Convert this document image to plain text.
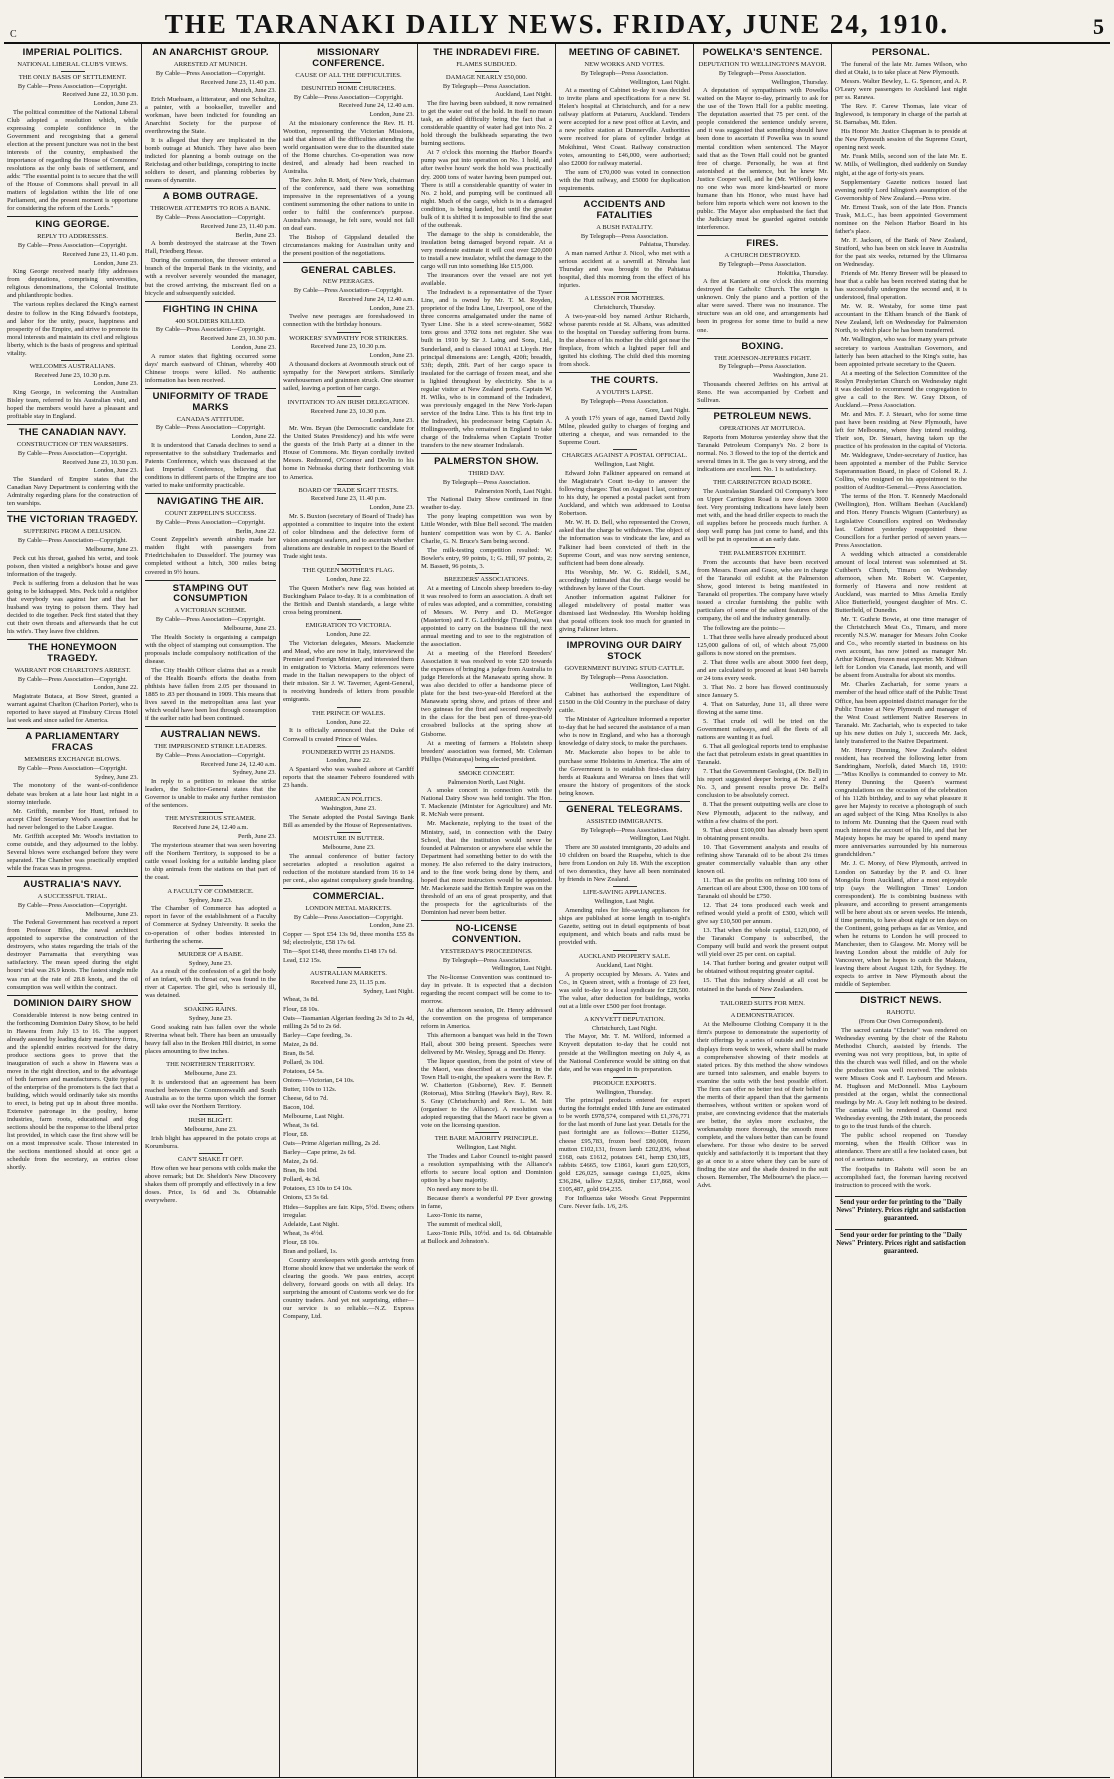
C	THE TARANAKI DAILY NEWS. FRIDAY, JUNE 24, 1910.	5
IMPERIAL POLITICS.
NATIONAL LIBERAL CLUB'S VIEWS.
THE ONLY BASIS OF SETTLEMENT.
By Cable—Press Association—Copyright.
Received June 22, 10.30 p.m.
London, June 23.
The political committee of the National Liberal Club adopted a resolution which, while expressing complete confidence in the Government and recognising that a general election at the present juncture was not in the best interests of the country, emphasised the importance of regarding the House of Commons' resolutions as the only basis of settlement, and adds: "The essential point is to secure that the will of the House of Commons shall prevail in all matters of legislation within the life of one Parliament, and the present moment is opportune for considering the reform of the Lords."
KING GEORGE.
REPLY TO ADDRESSES.
By Cable—Press Association—Copyright.
Received June 23, 11.40 p.m.
London, June 23.
King George received nearly fifty addresses from deputations, comprising universities, religious denominations, the Colonial Institute and philanthropic bodies.
The various replies declared the King's earnest desire to follow in the King Edward's footsteps, and labor for the unity, peace, happiness and prosperity of the Empire, and strive to promote its moral interests and maintain its civil and religious liberty, which is the basis of progress and spiritual vitality.
WELCOMES AUSTRALIANS.
Received June 23, 10.30 p.m.
London, June 23.
King George, in welcoming the Australian Bisley team, referred to his Australian visit, and hoped the members would have a pleasant and profitable stay in England.
THE CANADIAN NAVY.
CONSTRUCTION OF TEN WARSHIPS.
By Cable—Press Association—Copyright.
Received June 23, 10.30 p.m.
London, June 23.
The Standard of Empire states that the Canadian Navy Department is conferring with the Admiralty regarding plans for the construction of ten warships.
THE VICTORIAN TRAGEDY.
SUFFERING FROM A DELUSION.
By Cable—Press Association—Copyright.
Melbourne, June 23.
Peck cut his throat, gashed his wrist, and took poison, then visited a neighbor's house and gave information of the tragedy.
Peck is suffering from a delusion that he was going to be kidnapped. Mrs. Peck told a neighbor that everybody was against her and that her husband was trying to poison them. They had decided to die together. Peck first stated that they cut their own throats and afterwards that he cut his wife's. They leave five children.
THE HONEYMOON TRAGEDY.
WARRANT FOR CHARLTON'S ARREST.
By Cable—Press Association—Copyright.
London, June 22.
Magistrate Butaca, at Bow Street, granted a warrant against Charlton (Charlton Porter), who is reported to have stayed at Finsbury Circus Hotel last week and since sailed for America.
A PARLIAMENTARY FRACAS
MEMBERS EXCHANGE BLOWS.
By Cable—Press Association—Copyright.
Sydney, June 23.
The monotony of the want-of-confidence debate was broken at a late hour last night in a stormy interlude.
Mr. Griffith, member for Hunt, refused to accept Chief Secretary Wood's assertion that he had never belonged to the Labor League.
Mr. Griffith accepted Mr. Wood's invitation to come outside, and they adjourned to the lobby. Several blows were exchanged before they were separated. The Chamber was practically emptied while the fracas was in progress.
AUSTRALIA'S NAVY.
A SUCCESSFUL TRIAL.
By Cable—Press Association—Copyright.
Melbourne, June 23.
The Federal Government has received a report from Professor Biles, the naval architect appointed to supervise the construction of the destroyers, who states regarding the trials of the destroyer Parramatta that everything was satisfactory. The mean speed during the eight hours' trial was 26.9 knots. The fastest single mile was run at the rate of 28.8 knots, and the oil consumption was well within the contract.
DOMINION DAIRY SHOW
Considerable interest is now being centred in the forthcoming Dominion Dairy Show, to be held in Hawera from July 13 to 16. The support already assured by leading dairy machinery firms, and the splendid entries received for the dairy produce sections goes to prove that the inauguration of such a show in Hawera was a move in the right direction, and to the advantage of both farmers and manufacturers. Quite typical of the enterprise of the promoters is the fact that a building, which would ordinarily take six months to erect, is being put up in about three months. Extensive patronage in the poultry, home industries, farm roots, educational and dog sections should be the response to the liberal prize list provided, in which case the first show will be on a most impressive scale. Those interested in the sections mentioned should at once get a schedule from the secretary, as entries close shortly.
AN ANARCHIST GROUP.
ARRESTED AT MUNICH.
By Cable—Press Association—Copyright.
Received June 23, 11.40 p.m.
Munich, June 23.
Erich Muehsam, a litterateur, and one Schultze, a painter, with a bookseller, traveller and workman, have been indicted for founding an Anarchist Society for the purpose of overthrowing the State.
It is alleged that they are implicated in the bomb outrage at Munich. They have also been indicted for planning a bomb outrage on the Reichstag and other buildings, conspiring to incite soldiers to desert, and planning robberies by means of dynamite.
A BOMB OUTRAGE.
THROWER ATTEMPTS TO ROB A BANK.
By Cable—Press Association—Copyright.
Received June 23, 11.40 p.m.
Berlin, June 23.
A bomb destroyed the staircase at the Town Hall, Friedberg Hesse.
During the commotion, the thrower entered a branch of the Imperial Bank in the vicinity, and with a revolver severely wounded the manager, but the crowd arriving, the miscreant fled on a bicycle and subsequently suicided.
FIGHTING IN CHINA
400 SOLDIERS KILLED.
By Cable—Press Association—Copyright.
Received June 23, 10.30 p.m.
London, June 23.
A rumor states that fighting occurred some days' march eastward of Chinan, whereby 400 Chinese troops were killed. No authentic information has been received.
UNIFORMITY OF TRADE MARKS
CANADA'S ATTITUDE.
By Cable—Press Association—Copyright.
London, June 22.
It is understood that Canada declines to send a representative to the subsidiary Trademarks and Patents Conference, which was discussed at the last Imperial Conference, believing that conditions in different parts of the Empire are too varied to make uniformity practicable.
NAVIGATING THE AIR.
COUNT ZEPPELIN'S SUCCESS.
By Cable—Press Association—Copyright.
Berlin, June 22.
Count Zeppelin's seventh airship made her maiden flight with passengers from Friedrichshafen to Dusseldorf. The journey was completed without a hitch, 300 miles being covered in 9½ hours.
STAMPING OUT CONSUMPTION
A VICTORIAN SCHEME.
By Cable—Press Association—Copyright.
Melbourne, June 23.
The Health Society is organising a campaign with the object of stamping out consumption. The proposals include compulsory notification of the disease.
The City Health Officer claims that as a result of the Health Board's efforts the deaths from phthisis have fallen from 2.05 per thousand in 1885 to .83 per thousand in 1909. This means that lives saved in the metropolitan area last year which would have been lost through consumption if the earlier ratio had been continued.
AUSTRALIAN NEWS.
THE IMPRISONED STRIKE LEADERS.
By Cable—Press Association—Copyright.
Received June 24, 12.40 a.m.
Sydney, June 23.
In reply to a petition to release the strike leaders, the Solicitor-General states that the Governor is unable to make any further remission of the sentences.
THE MYSTERIOUS STEAMER.
Received June 24, 12.40 a.m.
Perth, June 23.
The mysterious steamer that was seen hovering off the Northern Territory, is supposed to be a cattle vessel looking for a suitable landing place to ship animals from the stations on that part of the coast.
A FACULTY OF COMMERCE.
Sydney, June 23.
The Chamber of Commerce has adopted a report in favor of the establishment of a Faculty of Commerce at Sydney University. It seeks the co-operation of other bodies interested in furthering the scheme.
MURDER OF A BABE.
Sydney, June 23.
As a result of the confession of a girl the body of an infant, with its throat cut, was found in the river at Capertee. The girl, who is seriously ill, was detained.
SOAKING RAINS.
Sydney, June 23.
Good soaking rain has fallen over the whole Riverina wheat belt. There has been an unusually heavy fall also in the Broken Hill district, in some places amounting to five inches.
THE NORTHERN TERRITORY.
Melbourne, June 23.
It is understood that an agreement has been reached between the Commonwealth and South Australia as to the terms upon which the former will take over the Northern Territory.
IRISH BLIGHT.
Melbourne, June 23.
Irish blight has appeared in the potato crops at Korumburra.
CAN'T SHAKE IT OFF.
How often we hear persons with colds make the above remark; but Dr. Sheldon's New Discovery shakes them off promptly and effectively in a few doses. Price, 1s 6d and 3s. Obtainable everywhere.
MISSIONARY CONFERENCE.
CAUSE OF ALL THE DIFFICULTIES.
DISUNITED HOME CHURCHES.
By Cable—Press Association—Copyright.
Received June 24, 12.40 a.m.
London, June 23.
At the missionary conference the Rev. H. H. Wootton, representing the Victorian Missions, said that almost all the difficulties attending the world organisation were due to the disunited state of the Home churches. Co-operation was now desired, and already had been reached in Australia.
The Rev. John R. Mott, of New York, chairman of the conference, said there was something impressive in the representatives of a young continent summoning the other nations to unite in order to fulfil the conference's purpose. Australia's message, he felt sure, would not fall on deaf ears.
The Bishop of Gippsland detailed the circumstances making for Australian unity and the present position of the negotiations.
GENERAL CABLES.
NEW PEERAGES.
By Cable—Press Association—Copyright.
Received June 24, 12.40 a.m.
London, June 23.
Twelve new peerages are foreshadowed in connection with the birthday honours.
WORKERS' SYMPATHY FOR STRIKERS.
Received June 23, 10.30 p.m.
London, June 23.
A thousand dockers at Avonmouth struck out of sympathy for the Newport strikers. Similarly warehousemen and grainmen struck. One steamer sailed, leaving a portion of her cargo.
INVITATION TO AN IRISH DELEGATION.
Received June 23, 10.30 p.m.
London, June 23.
Mr. Wm. Bryan (the Democratic candidate for the United States Presidency) and his wife were the guests of the Irish Party at a dinner in the House of Commons. Mr. Bryan cordially invited Messrs. Redmond, O'Connor and Devlin to his home in Nebraska during their forthcoming visit to America.
BOARD OF TRADE SIGHT TESTS.
Received June 23, 11.40 p.m.
London, June 23.
Mr. S. Buxton (secretary of Board of Trade) has appointed a committee to inquire into the extent of color blindness and the defective form of vision amongst seafarers, and to ascertain whether alterations are desirable in respect to the Board of Trade sight tests.
THE QUEEN MOTHER'S FLAG.
London, June 22.
The Queen Mother's new flag was hoisted at Buckingham Palace to-day. It is a combination of the British and Danish standards, a large white cross being prominent.
EMIGRATION TO VICTORIA.
London, June 22.
The Victorian delegates, Messrs. Mackenzie and Mead, who are now in Italy, interviewed the Premier and Foreign Minister, and interested them in emigration to Victoria. Many references were made in the Italian newspapers to the object of their mission. Sir J. W. Taverner, Agent-General, is receiving hundreds of letters from possible emigrants.
THE PRINCE OF WALES.
London, June 22.
It is officially announced that the Duke of Cornwall is created Prince of Wales.
FOUNDERED WITH 23 HANDS.
London, June 22.
A Spaniard who was washed ashore at Cardiff reports that the steamer Febrero foundered with 23 hands.
AMERICAN POLITICS.
Washington, June 23.
The Senate adopted the Postal Savings Bank Bill as amended by the House of Representatives.
MOISTURE IN BUTTER.
Melbourne, June 23.
The annual conference of butter factory secretaries adopted a resolution against a reduction of the moisture standard from 16 to 14 per cent., also against compulsory grade branding.
COMMERCIAL.
LONDON METAL MARKETS.
By Cable—Press Association—Copyright.
London, June 23.
Copper — Spot £54 13s 9d, three months £55 8s 9d; electrolytic, £58 17s 6d.
Tin—Spot £148, three months £148 17s 6d.
Lead, £12 15s.
AUSTRALIAN MARKETS.
Received June 23, 11.15 p.m.
Sydney, Last Night.
Wheat, 3s 8d.
Flour, £8 10s.
Oats—Tasmanian Algerian feeding 2s 3d to 2s 4d, milling 2s 5d to 2s 6d.
Barley—Cape feeding, 3s.
Maize, 2s 8d.
Bran, 8s 5d.
Pollard, 3s 10d.
Potatoes, £4 5s.
Onions—Victorian, £4 10s.
Butter, 110s to 112s.
Cheese, 6d to 7d.
Bacon, 10d.
Melbourne, Last Night.
Wheat, 3s 6d.
Flour, £8.
Oats—Prime Algerian milling, 2s 2d.
Barley—Cape prime, 2s 6d.
Maize, 2s 6d.
Bran, 8s 10d.
Pollard, 4s 3d.
Potatoes, £3 10s to £4 10s.
Onions, £3 5s 6d.
Hides—Supplies are fair. Kips, 5½d. Ewes; others irregular.
Adelaide, Last Night.
Wheat, 3s 4½d.
Flour, £8 10s.
Bran and pollard, 1s.
Country storekeepers with goods arriving from Home should know that we undertake the work of clearing the goods. We pass entries, accept delivery, forward goods on with all delay. It's surprising the amount of Customs work we do for country traders. And yet not surprising, either—our service is so reliable.—N.Z. Express Company, Ltd.
THE INDRADEVI FIRE.
FLAMES SUBDUED.
DAMAGE NEARLY £50,000.
By Telegraph—Press Association.
Auckland, Last Night.
The fire having been subdued, it now remained to get the water out of the hold. In itself no mean task, an added difficulty being the fact that a considerable quantity of water had got into No. 2 hold through the bulkheads separating the two burning sections.
At 7 o'clock this morning the Harbor Board's pump was put into operation on No. 1 hold, and after twelve hours' work the hold was practically dry. 2000 tons of water having been pumped out. There is still a considerable quantity of water in No. 2 hold, and pumping will be continued all night. Much of the cargo, which is in a damaged condition, is being landed, but until the greater bulk of it is shifted it is impossible to find the seat of the outbreak.
The damage to the ship is considerable, the insulation being damaged beyond repair. At a very moderate estimate it will cost over £20,000 to install a new insulator, whilst the damage to the cargo will run into something like £15,000.
The insurances over the vessel are not yet available.
The Indradevi is a representative of the Tyser Line, and is owned by Mr. T. M. Royden, proprietor of the Indra Line, Liverpool, one of the three concerns amalgamated under the name of Tyser Line. She is a steel screw-steamer, 5682 tons gross and 3702 tons net register. She was built in 1910 by Sir J. Laing and Sons, Ltd., Sunderland, and is classed 100A1 at Lloyds. Her principal dimensions are: Length, 420ft; breadth, 53ft; depth, 28ft. Part of her cargo space is insulated for the carriage of frozen meat, and she is lighted throughout by electricity. She is a regular visitor at New Zealand ports. Captain W. H. Wilks, who is in command of the Indradevi, was previously engaged in the New York-Japan service of the Indra Line. This is his first trip in the Indradevi, his predecessor being Captain A. Hollingsworth, who remained in England to take charge of the Indralema when Captain Trotter transfers to the new steamer Indralarah.
PALMERSTON SHOW.
THIRD DAY.
By Telegraph—Press Association.
Palmerston North, Last Night.
The National Dairy Show continued in fine weather to-day.
The pony leaping competition was won by Little Wonder, with Blue Bell second. The maiden hunters' competition was won by C. A. Banks' Charlie, G. N. Bruce's Sam being second.
The milk-testing competition resulted: W. Bowler's entry, 99 points, 1; G. Hill, 97 points, 2; M. Bassett, 96 points, 3.
BREEDERS' ASSOCIATIONS.
At a meeting of Lincoln sheep breeders to-day it was resolved to form an association. A draft set of rules was adopted, and a committee, consisting of Messrs. W. Perry and D. McGregor (Masterton) and F. G. Lethbridge (Turakina), was appointed to carry on the business till the next annual meeting and to see to the registration of the association.
At a meeting of the Hereford Breeders' Association it was resolved to vote £20 towards the expenses of bringing a judge from Australia to judge Herefords at the Manawatu spring show. It was also decided to offer a handsome piece of plate for the best two-year-old Hereford at the Manawatu spring show, and prizes of three and two guineas for the first and second respectively in the class for the best pen of three-year-old crossbred bullocks at the spring show at Gisborne.
At a meeting of farmers a Holstein sheep breeders' association was formed, Mr. Coleman Phillips (Wairarapa) being elected president.
SMOKE CONCERT.
Palmerston North, Last Night.
A smoke concert in connection with the National Dairy Show was held tonight. The Hon. T. Mackenzie (Minister for Agriculture) and Mr. R. McNab were present.
Mr. Mackenzie, replying to the toast of the Ministry, said, in connection with the Dairy School, that the institution would never be founded at Palmerston or anywhere else while the Department had something better to do with the money. He also referred to the dairy instructors, and to the fine work being done by them, and hoped that more instructors would be appointed. Mr. Mackenzie said the British Empire was on the threshold of an era of great prosperity, and that the prospects for the agriculturists of the Dominion had never been better.
NO-LICENSE CONVENTION.
YESTERDAY'S PROCEEDINGS.
By Telegraph—Press Association.
Wellington, Last Night.
The No-license Convention was continued to-day in private. It is expected that a decision regarding the recent compact will be come to to-morrow.
At the afternoon session, Dr. Henry addressed the convention on the progress of temperance reform in America.
This afternoon a banquet was held in the Town Hall, about 300 being present. Speeches were delivered by Mr. Wesley, Spragg and Dr. Henry.
The liquor question, from the point of view of the Maori, was described at a meeting in the Town Hall to-night, the speakers were the Rev. F. W. Chatterton (Gisborne), Rev. F. Bennett (Rotorua), Miss Stirling (Hawke's Bay), Rev. R. S. Gray (Christchurch) and Rev. L. M. Isitt (organiser to the Alliance). A resolution was adopted requesting that the Maori race be given a vote on the licensing question.
THE BARE MAJORITY PRINCIPLE.
Wellington, Last Night.
The Trades and Labor Council to-night passed a resolution sympathising with the Alliance's efforts to secure local option and Dominion option by a bare majority.
No need any more to be ill.
Because there's a wonderful PP Ever growing in fame,
Laxo-Tonic its name,
The summit of medical skill,
Laxo-Tonic Pills, 10½d. and 1s. 6d. Obtainable at Bullock and Johnston's.
MEETING OF CABINET.
NEW WORKS AND VOTES.
By Telegraph—Press Association.
Wellington, Last Night.
At a meeting of Cabinet to-day it was decided to invite plans and specifications for a new St. Helen's hospital at Christchurch, and for a new railway platform at Putaruru, Auckland. Tenders were accepted for a new post office at Levin, and a new police station at Dunnerville. Authorities were received for plans of cylinder bridge at Mokihinui, West Coast. Railway construction votes, amounting to £46,000, were authorised; also £2000 for railway material.
The sum of £70,000 was voted in connection with the Hutt railway, and £5000 for duplication requirements.
ACCIDENTS AND FATALITIES
A BUSH FATALITY.
By Telegraph—Press Association.
Pahiatua, Thursday.
A man named Arthur J. Nicol, who met with a serious accident at a sawmill at Nireaha last Thursday and was brought to the Pahiatua hospital, died this morning from the effect of his injuries.
A LESSON FOR MOTHERS.
Christchurch, Thursday.
A two-year-old boy named Arthur Richards, whose parents reside at St. Albans, was admitted to the hospital on Tuesday suffering from burns. In the absence of his mother the child got near the fireplace, from which a lighted paper fell and ignited his clothing. The child died this morning from shock.
THE COURTS.
A YOUTH'S LAPSE.
By Telegraph—Press Association.
Gore, Last Night.
A youth 17½ years of age, named David Jolly Milne, pleaded guilty to charges of forging and uttering a cheque, and was remanded to the Supreme Court.
CHARGES AGAINST A POSTAL OFFICIAL.
Wellington, Last Night.
Edward John Falkiner appeared on remand at the Magistrate's Court to-day to answer the following charges: That on August 1 last, contrary to his duty, he opened a postal packet sent from Auckland, and which was addressed to Louisa Robertson.
Mr. W. H. D. Bell, who represented the Crown, asked that the charge be withdrawn. The object of the information was to vindicate the law, and as Falkiner had been convicted of theft in the Supreme Court, and was now serving sentence, sufficient had been done already.
His Worship, Mr. W. G. Riddell, S.M., accordingly intimated that the charge would be withdrawn by leave of the Court.
Another information against Falkiner for alleged misdelivery of postal matter was dismissed last Wednesday. His Worship holding that postal officers took too much for granted in giving Falkiner letters.
IMPROVING OUR DAIRY STOCK
GOVERNMENT BUYING STUD CATTLE.
By Telegraph—Press Association.
Wellington, Last Night.
Cabinet has authorised the expenditure of £1500 in the Old Country in the purchase of dairy cattle.
The Minister of Agriculture informed a reporter to-day that he had secured the assistance of a man who is now in England, and who has a thorough knowledge of dairy stock, to make the purchases.
Mr. Mackenzie also hopes to be able to purchase some Holsteins in America. The aim of the Government is to establish first-class dairy herds at Ruakura and Weraroa on lines that will ensure the history of progenitors of the stock being known.
GENERAL TELEGRAMS.
ASSISTED IMMIGRANTS.
By Telegraph—Press Association.
Wellington, Last Night.
There are 30 assisted immigrants, 20 adults and 10 children on board the Ruapehu, which is due here from London on July 18. With the exception of two domestics, they have all been nominated by friends in New Zealand.
LIFE-SAVING APPLIANCES.
Wellington, Last Night.
Amending rules for life-saving appliances for ships are published at some length in to-night's Gazette, setting out in detail equipments of boat equipment, and which boats and rafts must be provided with.
AUCKLAND PROPERTY SALE.
Auckland, Last Night.
A property occupied by Messrs. A. Yates and Co., in Queen street, with a frontage of 23 feet, was sold to-day to a local syndicate for £28,500. The value, after deduction for buildings, works out at a little over £500 per foot frontage.
A KNYVETT DEPUTATION.
Christchurch, Last Night.
The Mayor, Mr. T. M. Wilford, informed a Knyvett deputation to-day that he could not preside at the Wellington meeting on July 4, as the National Conference would be sitting on that date, and he was engaged in its preparation.
PRODUCE EXPORTS.
Wellington, Thursday.
The principal products entered for export during the fortnight ended 18th June are estimated to be worth £978,574, compared with £1,376,771 for the last month of June last year. Details for the past fortnight are as follows:—Butter £1256, cheese £95,783, frozen beef £80,608, frozen mutton £102,131, frozen lamb £202,836, wheat £168, oats £1612, potatoes £41, hemp £30,185, rabbits £4665, tow £1861, kauri gum £20,935, gold £26,025, sausage casings £1,025, skins £36,284, tallow £2,926, timber £17,868, wool £105,487, gold £64,235.
For Influenza take Wood's Great Peppermint Cure. Never fails. 1/6, 2/6.
POWELKA'S SENTENCE.
DEPUTATION TO WELLINGTON'S MAYOR.
By Telegraph—Press Association.
Wellington, Thursday.
A deputation of sympathisers with Powelka waited on the Mayor to-day, primarily to ask for the use of the Town Hall for a public meeting. The deputation asserted that 75 per cent. of the people considered the sentence unduly severe, and it was suggested that something should have been done to ascertain if Powelka was in sound mental condition when sentenced. The Mayor said that as the Town Hall could not be granted free of charge. Personally, he was at first astonished at the sentence, but he knew Mr. Justice Cooper well, and he (Mr. Wilford) knew no one who was more kind-hearted or more humane than his Honor, who must have had before him reports which were not known to the public. The Mayor also emphasised the fact that the Judiciary must be guarded against outside interference.
FIRES.
A CHURCH DESTROYED.
By Telegraph—Press Association.
Hokitika, Thursday.
A fire at Kaniere at one o'clock this morning destroyed the Catholic Church. The origin is unknown. Only the piano and a portion of the altar were saved. There was no insurance. The structure was an old one, and arrangements had been in progress for some time to build a new one.
BOXING.
THE JOHNSON-JEFFRIES FIGHT.
By Telegraph—Press Association.
Washington, June 21.
Thousands cheered Jeffries on his arrival at Reno. He was accompanied by Corbett and Sullivan.
PETROLEUM NEWS.
OPERATIONS AT MOTUROA.
Reports from Moturoa yesterday show that the Taranaki Petroleum Company's No. 2 bore is normal. No. 3 flowed to the top of the derrick and several times in it. The gas is very strong, and the indications are excellent. No. 1 is satisfactory.
THE CARRINGTON ROAD BORE.
The Australasian Standard Oil Company's bore on Upper Carrington Road is now down 3000 feet. Very promising indications have lately been met with, and the head driller expects to reach the oil supplies before he proceeds much further. A deep well pump has just come to hand, and this will be put in operation at an early date.
THE PALMERSTON EXHIBIT.
From the accounts that have been received from Messrs. Ewan and Grace, who are in charge of the Taranaki oil exhibit at the Palmerston Show, good interest is being manifested in Taranaki oil properties. The company have wisely issued a circular furnishing the public with particulars of some of the salient features of the company, the oil and the industry generally.
The following are the points:—
1. That three wells have already produced about 125,000 gallons of oil, of which about 75,000 gallons is now stored on the premises.
2. That three wells are about 3000 feet deep, and are calculated to proceed at least 140 barrels or 24 tons every week.
3. That No. 2 bore has flowed continuously since January 5.
4. That on Saturday, June 11, all three were flowing at the same time.
5. That crude oil will be tried on the Government railways, and all the fleets of all nations are wanting it as fuel.
6. That all geological reports tend to emphasise the fact that petroleum exists in great quantities in Taranaki.
7. That the Government Geologist, (Dr. Bell) in his report suggested deeper boring at No. 2 and No. 3, and present results prove Dr. Bell's conclusion to be absolutely correct.
8. That the present outputting wells are close to New Plymouth, adjacent to the railway, and within a few chains of the port.
9. That about £100,000 has already been spent in obtaining present results.
10. That Government analysts and results of refining show Taranaki oil to be about 2¼ times greater commercially valuable than any other known oil.
11. That as the profits on refining 100 tons of American oil are about £300, those on 100 tons of Taranaki oil should be £750.
12. That 24 tons produced each week and refined would yield a profit of £300, which will give say £10,500 per annum.
13. That when the whole capital, £120,000, of the Taranaki Company is subscribed, the Company will build and work the present output will yield over 25 per cent. on capital.
14. That further boring and greater output will be obtained without requiring greater capital.
15. That this industry should at all cost be retained in the hands of New Zealanders.
TAILORED SUITS FOR MEN.
A DEMONSTRATION.
At the Melbourne Clothing Company it is the firm's purpose to demonstrate the superiority of their offerings by a series of outside and window displays from week to week, where shall be made a comprehensive showing of their models at stated prices. By this method the show windows are turned into salesmen, and enable buyers to examine the suits with the best possible effort. The firm can offer no better test of their belief in the merits of their apparel than that the garments themselves, without written or spoken word of praise, are convincing evidence that the materials are better, the styles more exclusive, the workmanship more thorough, the smooth more complete, and the values better than can be found elsewhere. For those who desire to be served quickly and satisfactorily it is important that they go at once to a store where they can be sure of finding the size and the shade desired in the suit chosen. Remember, The Melbourne's the place.—Advt.
PERSONAL.
The funeral of the late Mr. James Wilson, who died at Otaki, is to take place at New Plymouth.
Messrs. Walter Bewley, L. G. Spencer, and A. P. O'Leary were passengers to Auckland last night per ss. Rarawa.
The Rev. F. Carew Thomas, late vicar of Inglewood, is temporary in charge of the parish at St. Barnabas, Mt. Eden.
His Honor Mr. Justice Chapman is to preside at the New Plymouth session of the Supreme Court, opening next week.
Mr. Frank Mills, second son of the late Mr. E. W. Mills, of Wellington, died suddenly on Sunday night, at the age of forty-six years.
Supplementary Gazette notices issued last evening notify Lord Islington's assumption of the Governorship of New Zealand.—Press wire.
Mr. Ernest Trask, son of the late Hon. Francis Trask, M.L.C., has been appointed Government nominee on the Nelson Harbor Board in his father's place.
Mr. F. Jackson, of the Bank of New Zealand, Stratford, who has been on sick leave in Australia for the past six weeks, returned by the Ulimaroa on Wednesday.
Friends of Mr. Henry Brewer will be pleased to hear that a cable has been received stating that he has successfully undergone the second and, it is understood, final operation.
Mr. W. R. Westaby, for some time past accountant in the Eltham branch of the Bank of New Zealand, left on Wednesday for Palmerston North, to which place he has been transferred.
Mr. Wallington, who was for many years private secretary to various Australian Governors, and latterly has been attached to the King's suite, has been appointed private secretary to the Queen.
At a meeting of the Selection Committee of the Roslyn Presbyterian Church on Wednesday night it was decided to recommend the congregation to give a call to the Rev. W. Gray Dixon, of Auckland.—Press Association.
Mr. and Mrs. F. J. Steuart, who for some time past have been residing at New Plymouth, have left for Melbourne, where they intend residing. Their son, Dr. Steuart, having taken up the practice of his profession in the capital of Victoria.
Mr. Waldegrave, Under-secretary of Justice, has been appointed a member of the Public Service Superannuation Board, in place of Colonel R. J. Collins, who resigned on his appointment to the position of Auditor-General.—Press Association.
The terms of the Hon. T. Kennedy Macdonald (Wellington), Hon. William Beehan (Auckland) and Hon. Henry Francis Wigram (Canterbury) as Legislative Councillors expired on Wednesday last. Cabinet yesterday reappointed these Councillors for a further period of seven years.—Press Association.
A wedding which attracted a considerable amount of local interest was solemnised at St. Cuthbert's Church, Timaru on Wednesday afternoon, when Mr. Robert W. Carpenter, formerly of Hawera and now resident at Auckland, was married to Miss Amelia Emily Alice Butterfield, youngest daughter of Mrs. C. Butterfield, of Dunedin.
Mr. T. Guthrie Bowie, at one time manager of the Christchurch Meat Co., Timaru, and more recently N.S.W. manager for Messrs John Cooke and Co., who recently started in business on his own account, has now joined as manager Mr. Arthur Kidman, frozen meat exporter. Mr. Kidman left for London via Canada, last month, and will be absent from Australia for about six months.
Mr. Charles Zachariah, for some years a member of the head office staff of the Public Trust Office, has been appointed district manager for the Public Trustee at New Plymouth and manager of the West Coast settlement Native Reserves in Taranaki. Mr. Zachariah, who is expected to take up his new duties on July 1, succeeds Mr. Jack, lately transferred to the Native Department.
Mr. Henry Dunning, New Zealand's oldest resident, has received the following letter from Sandringham, Norfolk, dated March 18, 1910:—"Miss Knollys is commanded to convey to Mr. Henry Dunning the Queen's warmest congratulations on the occasion of the celebration of his 112th birthday, and to say what pleasure it gave her Majesty to receive a photograph of such an aged subject of the King. Miss Knollys is also to inform Mr. Dunning that the Queen read with much interest the account of his life, and that her Majesty hopes he may be spared to spend many more anniversaries surrounded by his numerous grandchildren."
Mr. J. C. Morey, of New Plymouth, arrived in London on Saturday by the P. and O. liner Mongolia from Auckland, after a most enjoyable trip (says the Wellington Times' London correspondent). He is combining business with pleasure, and according to present arrangements will be here about six or seven weeks. He intends, if time permits, to have about eight or ten days on the Continent, going perhaps as far as Venice, and when he returns to London he will proceed to Manchester, then to Glasgow. Mr. Morey will be leaving London about the middle of July for Vancouver, when he hopes to catch the Makura, leaving there about August 12th, for Sydney. He expects to arrive in New Plymouth about the middle of September.
DISTRICT NEWS.
RAHOTU.
(From Our Own Correspondent).
The sacred cantata "Christie" was rendered on Wednesday evening by the choir of the Rahotu Methodist Church, assisted by friends. The evening was not very propitious, but, in spite of this the church was well filled, and on the whole the production was well received. The soloists were Misses Cook and F. Laybourn and Messrs. M. Hughson and McDonnell. Miss Laybourn presided at the organ, whilst the connectional readings by Mr. A. Gray left nothing to be desired. The cantata will be rendered at Oaonui next Wednesday evening, the 29th instant, the proceeds to go to the trust funds of the church.
The public school reopened on Tuesday morning, when the Health Officer was in attendance. There are still a few isolated cases, but not of a serious nature.
The footpaths in Rahotu will soon be an accomplished fact, the foreman having received instruction to proceed with the work.
Send your order for printing to the "Daily News" Printery. Prices right and satisfaction guaranteed.
Send your order for printing to the "Daily News" Printery. Prices right and satisfaction guaranteed.
